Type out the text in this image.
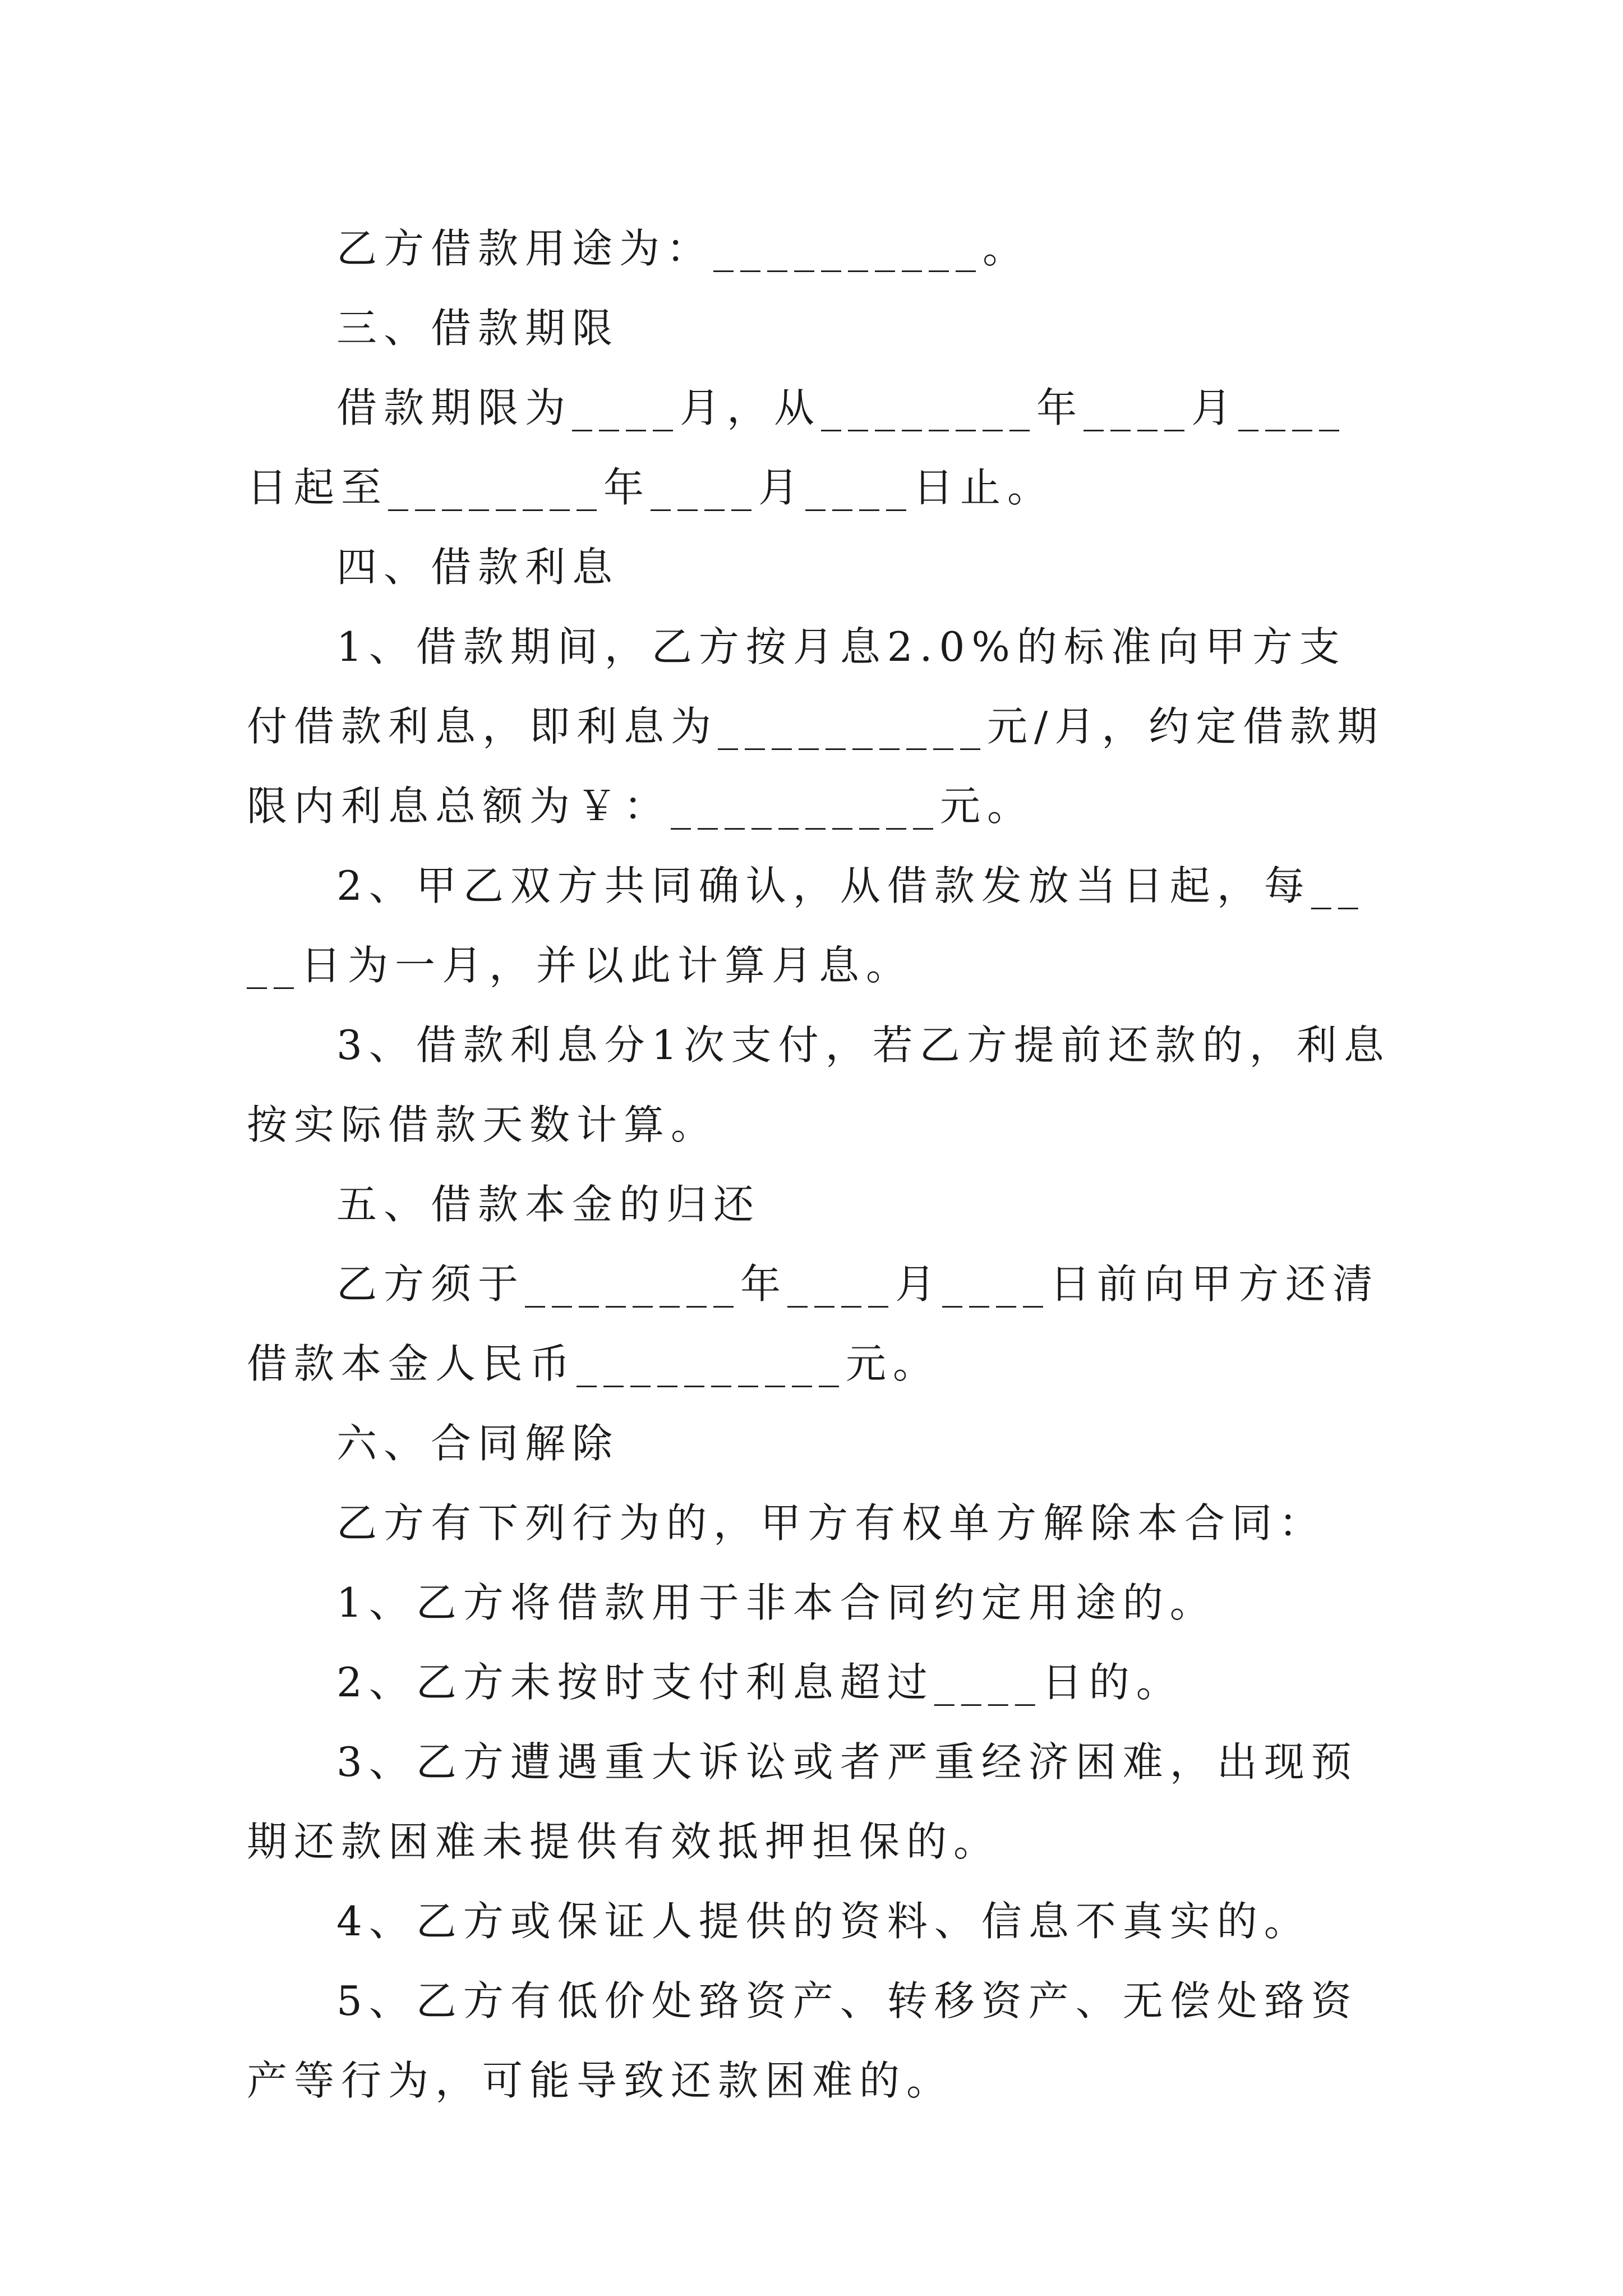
乙方借款用途为：__________。

三、借款期限

借款期限为____月，从________年____月____日起至________年____月____日止。

四、借款利息

1、借款期间，乙方按月息2.0%的标准向甲方支付借款利息，即利息为__________元/月，约定借款期限内利息总额为￥：__________元。

2、甲乙双方共同确认，从借款发放当日起，每____日为一月，并以此计算月息。

3、借款利息分1次支付，若乙方提前还款的，利息按实际借款天数计算。

五、借款本金的归还

乙方须于________年____月____日前向甲方还清借款本金人民币__________元。

六、合同解除

乙方有下列行为的，甲方有权单方解除本合同：

1、乙方将借款用于非本合同约定用途的。

2、乙方未按时支付利息超过____日的。

3、乙方遭遇重大诉讼或者严重经济困难，出现预期还款困难未提供有效抵押担保的。

4、乙方或保证人提供的资料、信息不真实的。

5、乙方有低价处臵资产、转移资产、无偿处臵资产等行为，可能导致还款困难的。
